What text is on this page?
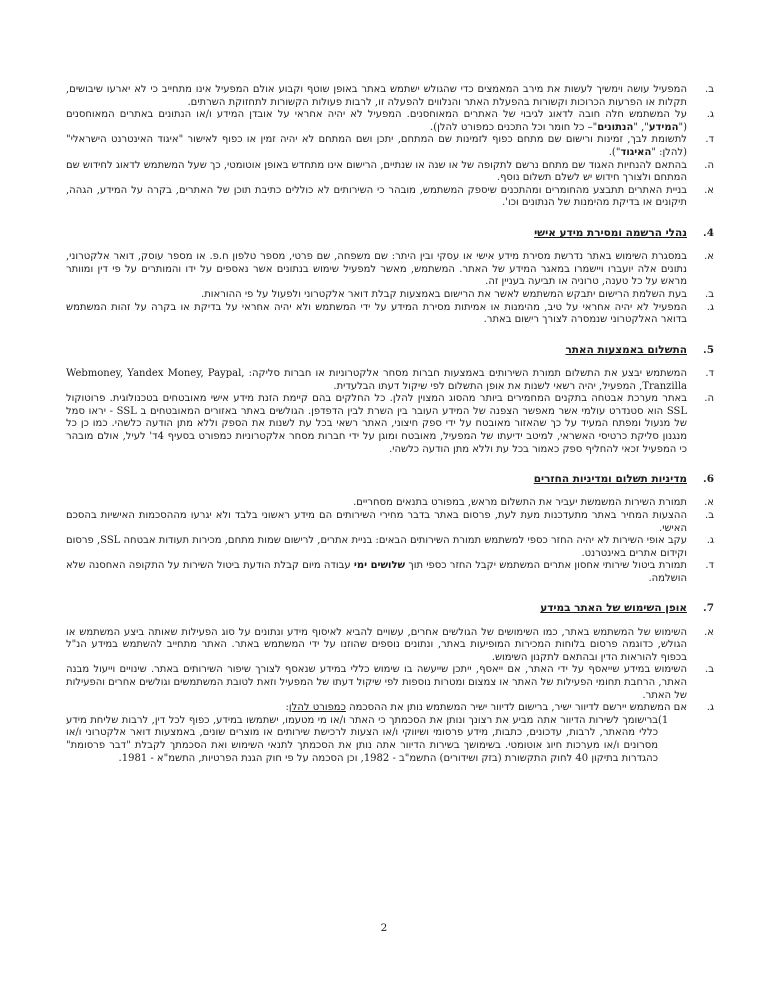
ב.
המפעיל עושה וימשיך לעשות את מירב המאמצים כדי שהגולש ישתמש באתר באופן שוטף וקבוע אולם המפעיל אינו מתחייב כי לא יארעו שיבושים, תקלות או הפרעות הכרוכות וקשורות בהפעלת האתר והנלווים להפעלה זו, לרבות פעולות הקשורות לתחזוקת השרתים.
ג.
על המשתמש חלה חובה לדאוג לגיבוי של האתרים המאוחסנים. המפעיל לא יהיה אחראי על אובדן המידע ו/או הנתונים באתרים המאוחסנים ("המידע", "הנתונים"– כל חומר וכל התכנים כמפורט להלן).
ד.
לתשומת לבך, זמינות ורישום שם מתחם כפוף לזמינות שם המתחם, יתכן ושם המתחם לא יהיה זמין או כפוף לאישור "איגוד האינטרנט הישראלי" (להלן: "האיגוד").
ה.
בהתאם להנחיות האגוד שם מתחם נרשם לתקופה של או שנה או שנתיים, הרישום אינו מתחדש באופן אוטומטי, כך שעל המשתמש לדאוג לחידוש שם המתחם ולצורך חידוש יש לשלם תשלום נוסף.
א.
בניית האתרים תתבצע מהחומרים ומהתכנים שיספק המשתמש, מובהר כי השירותים לא כוללים כתיבת תוכן של האתרים, בקרה על המידע, הגהה, תיקונים או בדיקת מהימנות של הנתונים וכו'.
4.
נהלי הרשמה ומסירת מידע אישי
א.
במסגרת השימוש באתר נדרשת מסירת מידע אישי או עסקי ובין היתר: שם משפחה, שם פרטי, מספר טלפון ח.פ. או מספר עוסק, דואר אלקטרוני, נתונים אלה יועברו ויישמרו במאגר המידע של האתר. המשתמש, מאשר למפעיל שימוש בנתונים אשר נאספים על ידו והמותרים על פי דין ומוותר מראש על כל טענה, טרוניה או תביעה בעניין זה.
ב.
בעת השלמת הרישום יתבקש המשתמש לאשר את הרישום באמצעות קבלת דואר אלקטרוני ולפעול על פי ההוראות.
ג.
המפעיל לא יהיה אחראי על טיב, מהימנות או אמיתות מסירת המידע על ידי המשתמש ולא יהיה אחראי על בדיקת או בקרה על זהות המשתמש בדואר האלקטרוני שנמסרה לצורך רישום באתר.
5.
התשלום באמצעות האתר
ד.
המשתמש יבצע את התשלום תמורת השירותים באמצעות חברות מסחר אלקטרוניות או חברות סליקה: Webmoney, Yandex Money, Paypal, Tranzilla, המפעיל, יהיה רשאי לשנות את אופן התשלום לפי שיקול דעתו הבלעדית.
ה.
באתר מערכת אבטחה בתקנים המחמירים ביותר מהסוג המצוין להלן. כל החלקים בהם קיימת הזנת מידע אישי מאובטחים בטכנולוגית. פרוטוקול SSL הוא סטנדרט עולמי אשר מאפשר הצפנה של המידע העובר בין השרת לבין הדפדפן. הגולשים באתר באזורים המאובטחים ב SSL - יראו סמל של מנעול ומפתח המעיד על כך שהאזור מאובטח על ידי ספק חיצוני, האתר רשאי בכל עת לשנות את הספק וללא מתן הודעה כלשהי. כמו כן כל מנגנון סליקת כרטיסי האשראי, למיטב ידיעתו של המפעיל, מאובטח ומוגן על ידי חברות מסחר אלקטרוניות כמפורט בסעיף 4ד' לעיל, אולם מובהר כי המפעיל זכאי להחליף ספק כאמור בכל עת וללא מתן הודעה כלשהי.
6.
מדיניות תשלום ומדיניות החזרים
א.
תמורת השירות המשמשת יעביר את התשלום מראש, במפורט בתנאים מסחריים.
ב.
ההצעות המחיר באתר מתעדכנות מעת לעת, פרסום באתר בדבר מחירי השירותים הם מידע ראשוני בלבד ולא יגרעו מההסכמות האישיות בהסכם האישי.
ג.
עקב אופי השירות לא יהיה החזר כספי למשתמש תמורת השירותים הבאים: בניית אתרים, לרישום שמות מתחם, מכירות תעודות אבטחה SSL, פרסום וקידום אתרים באינטרנט.
ד.
תמורת ביטול שירותי אחסון אתרים המשתמש יקבל החזר כספי תוך שלושים ימי עבודה מיום קבלת הודעת ביטול השירות על התקופה האחסנה שלא הושלמה.
7.
אופן השימוש של האתר במידע
א.
השימוש של המשתמש באתר, כמו השימושים של הגולשים אחרים, עשויים להביא לאיסוף מידע ונתונים על סוג הפעילות שאותה ביצע המשתמש או הגולש, כדוגמה פרסום בלוחות המכירות המופיעות באתר, ונתונים נוספים שהוזנו על ידי המשתמש באתר. האתר מתחייב להשתמש במידע הנ"ל בכפוף להוראות הדין ובהתאם לתקנון השימוש.
ב.
השימוש במידע שייאסף על ידי האתר, אם ייאסף, ייתכן שייעשה בו שימוש כללי במידע שנאסף לצורך שיפור השירותים באתר. שינויים וייעול מבנה האתר, הרחבת תחומי הפעילות של האתר או צמצום ומטרות נוספות לפי שיקול דעתו של המפעיל וזאת לטובת המשתמשים וגולשים אחרים והפעילות של האתר.
ג.
אם המשתמש יירשם לדיוור ישיר, ברישום לדיוור ישיר המשתמש נותן את ההסכמה כמפורט להלן:
(1
ברישומך לשירות הדיוור אתה מביע את רצונך ונותן את הסכמתך כי האתר ו/או מי מטעמו, ישתמשו במידע, כפוף לכל דין, לרבות שליחת מידע כללי מהאתר, לרבות, עדכונים, כתבות, מידע פרסומי ושיווקי ו/או הצעות לרכישת שירותים או מוצרים שונים, באמצעות דואר אלקטרוני ו/או מסרונים ו/או מערכות חיוג אוטומטי. בשימושך בשירות הדיוור אתה נותן את הסכמתך לתנאי השימוש ואת הסכמתך לקבלת "דבר פרסומת" כהגדרות בתיקון 40 לחוק התקשורת (בזק ושידורים) התשמ"ב - 1982, וכן הסכמה על פי חוק הגנת הפרטיות, התשמ"א - 1981.
2
